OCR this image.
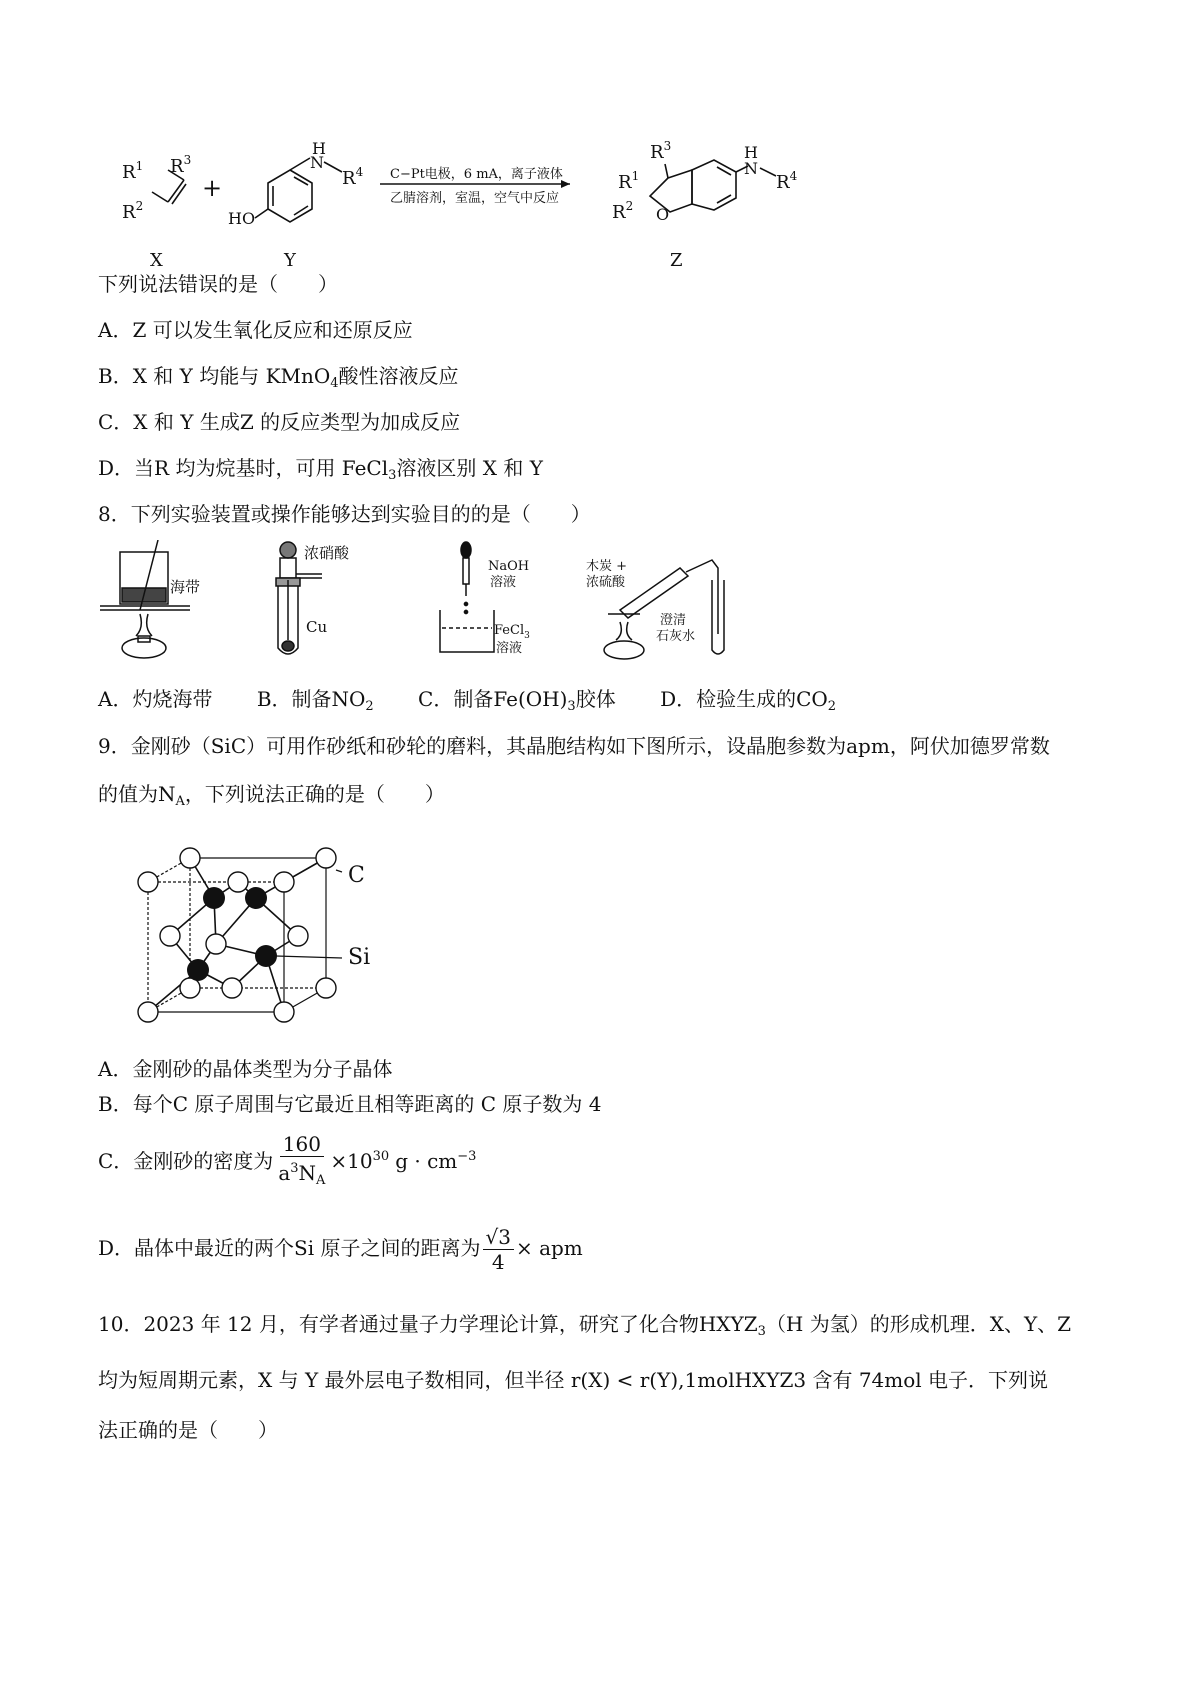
$R^1$ $R^3$
$R^2$
X
+
H
N
$R^4$
HO
Y
C−Pt电极，6 mA，离子液体
乙腈溶剂，室温，空气中反应
$R^3$
$R^1$
$R^2$ O
H
N
$R^4$
Z
下列说法错误的是（　　）
A．Z 可以发生氧化反应和还原反应
B．X 和 Y 均能与 KMnO$_4$酸性溶液反应
C．X 和 Y 生成Z 的反应类型为加成反应
D．当R 均为烷基时，可用 FeCl$_3$溶液区别 X 和 Y
8．下列实验装置或操作能够达到实验目的的是（　　）
海带
浓硝酸
Cu
NaOH
溶液
FeCl$_3$
溶液
木炭 +
浓硫酸
澄清
石灰水
A．灼烧海带 B．制备$NO_2$ C．制备$Fe(OH)_3$胶体 D．检验生成的$CO_2$
9．金刚砂（SiC）可用作砂纸和砂轮的磨料，其晶胞结构如下图所示，设晶胞参数为apm，阿伏加德罗常数
的值为$N_A$，下列说法正确的是（　　）
C
Si
A．金刚砂的晶体类型为分子晶体
B．每个C 原子周围与它最近且相等距离的 C 原子数为 4
C．金刚砂的密度为 $\frac{160}{a^3N_A} \times 10^{30}$ $g \cdot cm^{-3}$
D．晶体中最近的两个Si 原子之间的距离为 $\frac{√3}{4}$ × apm
10．2023 年 12 月，有学者通过量子力学理论计算，研究了化合物$HXYZ_3(H$ 为氢）的形成机理．X、Y、Z
均为短周期元素，X 与 Y 最外层电子数相同，但半径 r(X) < r(Y),1molHXYZ3 含有 74mol 电子．下列说
法正确的是（　　）
